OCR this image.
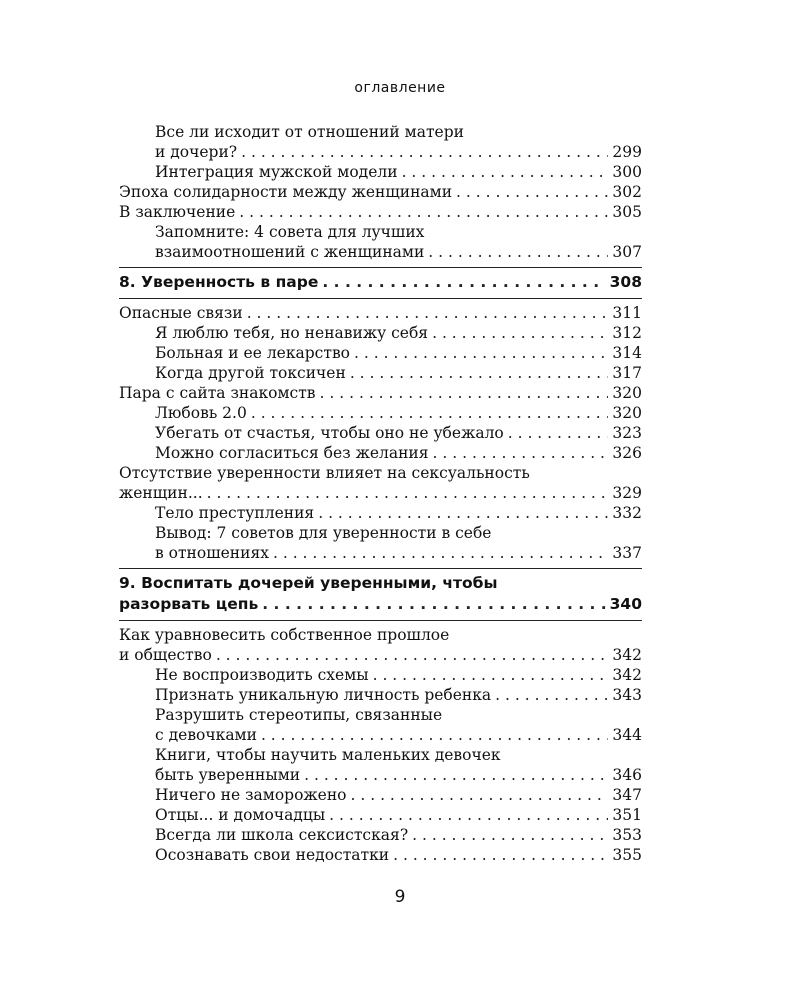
оглавление
Все ли исходит от отношений матери
и дочери? . . .	299
Интеграция мужской модели . . .	300
Эпоха солидарности между женщинами . . .	302
В заключение . . .	305
Запомните: 4 совета для лучших
взаимоотношений с женщинами . . .	307
8. Уверенность в паре . . .	308
Опасные связи . . .	311
Я люблю тебя, но ненавижу себя . . .	312
Больная и ее лекарство . . .	314
Когда другой токсичен . . .	317
Пара с сайта знакомств . . .	320
Любовь 2.0 . . .	320
Убегать от счастья, чтобы оно не убежало . . .	323
Можно согласиться без желания . . .	326
Отсутствие уверенности влияет на сексуальность
женщин... . . .	329
Тело преступления . . .	332
Вывод: 7 советов для уверенности в себе
в отношениях . . .	337
9. Воспитать дочерей уверенными, чтобы
разорвать цепь . . .	340
Как уравновесить собственное прошлое
и общество . . .	342
Не воспроизводить схемы . . .	342
Признать уникальную личность ребенка . . .	343
Разрушить стереотипы, связанные
с девочками . . .	344
Книги, чтобы научить маленьких девочек
быть уверенными . . .	346
Ничего не заморожено . . .	347
Отцы... и домочадцы . . .	351
Всегда ли школа сексистская? . . .	353
Осознавать свои недостатки . . .	355
9
